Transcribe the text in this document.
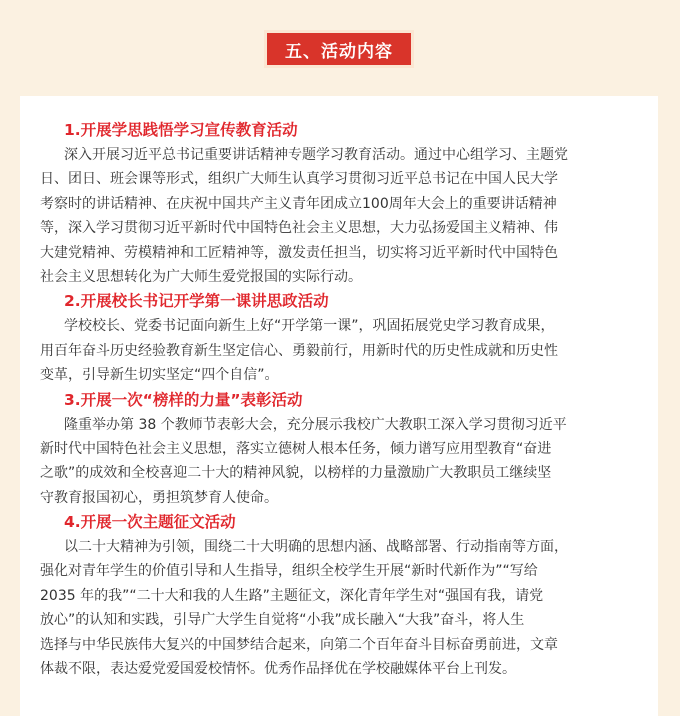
五、活动内容
1.开展学思践悟学习宣传教育活动

深入开展习近平总书记重要讲话精神专题学习教育活动。通过中心组学习、主题党
日、团日、班会课等形式，组织广大师生认真学习贯彻习近平总书记在中国人民大学
考察时的讲话精神、在庆祝中国共产主义青年团成立100周年大会上的重要讲话精神
等，深入学习贯彻习近平新时代中国特色社会主义思想，大力弘扬爱国主义精神、伟
大建党精神、劳模精神和工匠精神等，激发责任担当，切实将习近平新时代中国特色
社会主义思想转化为广大师生爱党报国的实际行动。

2.开展校长书记开学第一课讲思政活动

学校校长、党委书记面向新生上好“开学第一课”，巩固拓展党史学习教育成果，
用百年奋斗历史经验教育新生坚定信心、勇毅前行，用新时代的历史性成就和历史性
变革，引导新生切实坚定“四个自信”。

3.开展一次“榜样的力量”表彰活动

隆重举办第 38 个教师节表彰大会，充分展示我校广大教职工深入学习贯彻习近平
新时代中国特色社会主义思想，落实立德树人根本任务，倾力谱写应用型教育“奋进
之歌”的成效和全校喜迎二十大的精神风貌，以榜样的力量激励广大教职员工继续坚
守教育报国初心，勇担筑梦育人使命。

4.开展一次主题征文活动

以二十大精神为引领，围绕二十大明确的思想内涵、战略部署、行动指南等方面，
强化对青年学生的价值引导和人生指导，组织全校学生开展“新时代新作为”“写给
2035 年的我”“二十大和我的人生路”主题征文，深化青年学生对“强国有我，请党
放心”的认知和实践，引导广大学生自觉将“小我”成长融入“大我”奋斗，将人生
选择与中华民族伟大复兴的中国梦结合起来，向第二个百年奋斗目标奋勇前进，文章
体裁不限，表达爱党爱国爱校情怀。优秀作品择优在学校融媒体平台上刊发。
